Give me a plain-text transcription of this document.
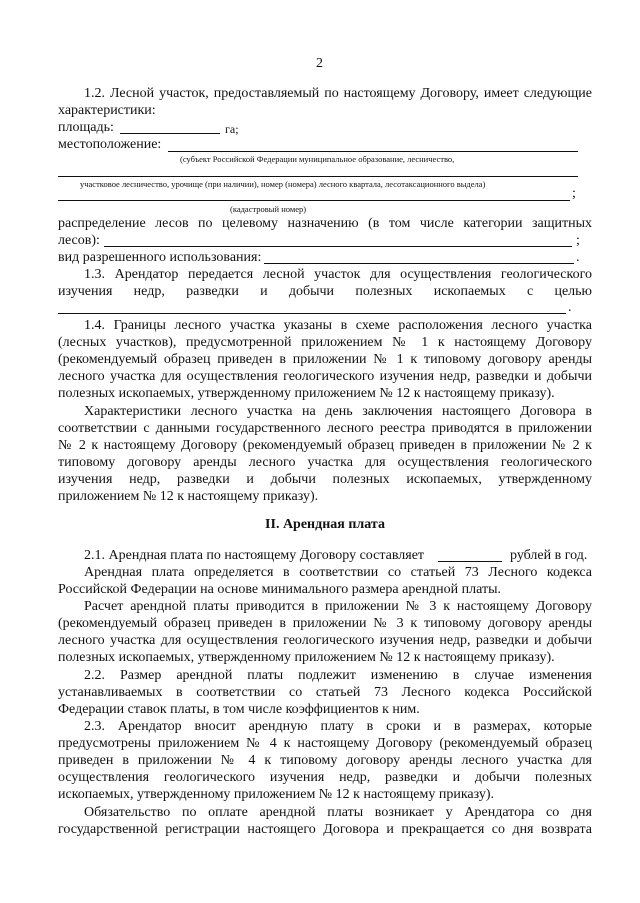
2
1.2. Лесной участок, предоставляемый по настоящему Договору, имеет следующие
характеристики:
площадь:	га;
местоположение:
(субъект Российской Федерации муниципальное образование, лесничество,
участковое лесничество, урочище (при наличии), номер (номера) лесного квартала, лесотаксационного выдела)
;
(кадастровый номер)
распределение лесов по целевому назначению (в том числе категории защитных
лесов):	;
вид разрешенного использования:	.
1.3. Арендатор передается лесной участок для осуществления геологического
изучения недр, разведки и добычи полезных ископаемых с целью
.
1.4. Границы лесного участка указаны в схеме расположения лесного участка
(лесных участков), предусмотренной приложением № 1 к настоящему Договору
(рекомендуемый образец приведен в приложении № 1 к типовому договору аренды
лесного участка для осуществления геологического изучения недр, разведки и добычи
полезных ископаемых, утвержденному приложением № 12 к настоящему приказу).
Характеристики лесного участка на день заключения настоящего Договора в
соответствии с данными государственного лесного реестра приводятся в приложении
№ 2 к настоящему Договору (рекомендуемый образец приведен в приложении № 2 к
типовому договору аренды лесного участка для осуществления геологического
изучения недр, разведки и добычи полезных ископаемых, утвержденному
приложением № 12 к настоящему приказу).
II. Арендная плата
2.1. Арендная плата по настоящему Договору составляет	рублей в год.
Арендная плата определяется в соответствии со статьей 73 Лесного кодекса
Российской Федерации на основе минимального размера арендной платы.
Расчет арендной платы приводится в приложении № 3 к настоящему Договору
(рекомендуемый образец приведен в приложении № 3 к типовому договору аренды
лесного участка для осуществления геологического изучения недр, разведки и добычи
полезных ископаемых, утвержденному приложением № 12 к настоящему приказу).
2.2. Размер арендной платы подлежит изменению в случае изменения
устанавливаемых в соответствии со статьей 73 Лесного кодекса Российской
Федерации ставок платы, в том числе коэффициентов к ним.
2.3. Арендатор вносит арендную плату в сроки и в размерах, которые
предусмотрены приложением № 4 к настоящему Договору (рекомендуемый образец
приведен в приложении № 4 к типовому договору аренды лесного участка для
осуществления геологического изучения недр, разведки и добычи полезных
ископаемых, утвержденному приложением № 12 к настоящему приказу).
Обязательство по оплате арендной платы возникает у Арендатора со дня
государственной регистрации настоящего Договора и прекращается со дня возврата
